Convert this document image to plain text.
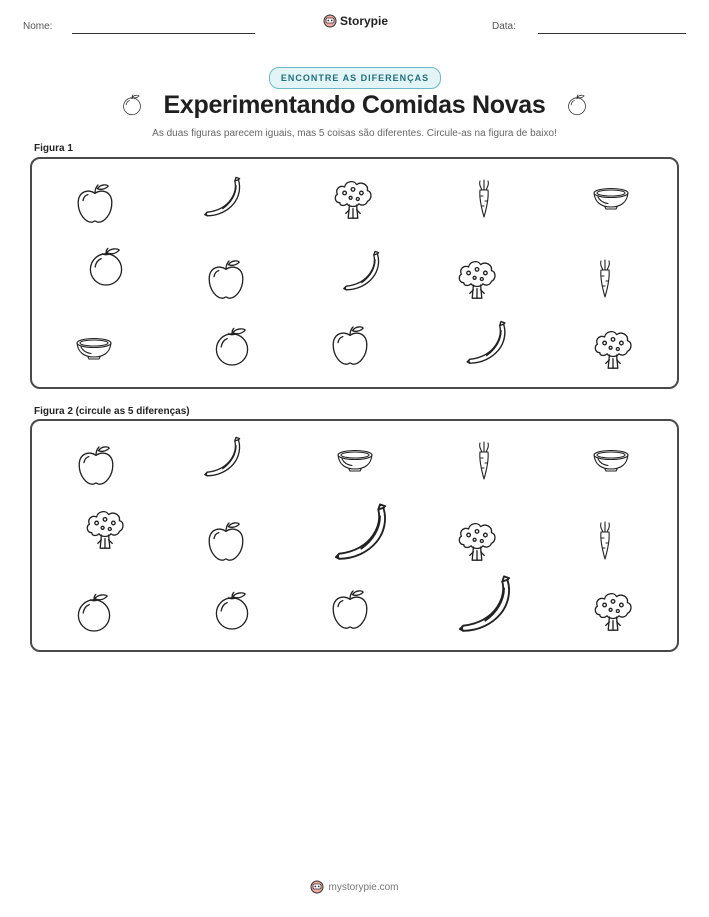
Nome:	Storypie	Data:
ENCONTRE AS DIFERENÇAS
Experimentando Comidas Novas
As duas figuras parecem iguais, mas 5 coisas são diferentes. Circule-as na figura de baixo!
Figura 1
Figura 2 (circule as 5 diferenças)
mystorypie.com
